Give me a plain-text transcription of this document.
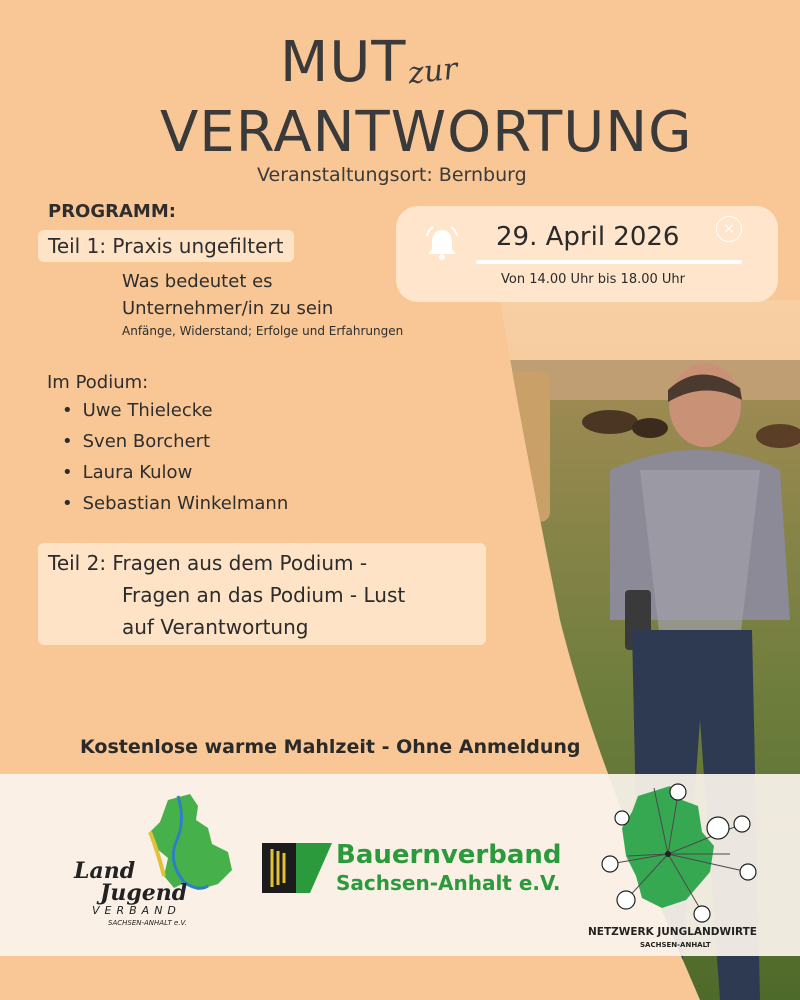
MUT zur
VERANTWORTUNG
Veranstaltungsort: Bernburg
PROGRAMM:
Teil 1: Praxis ungefiltert
Was bedeutet es
Unternehmer/in zu sein
Anfänge, Widerstand; Erfolge und Erfahrungen
Im Podium:
• Uwe Thielecke
• Sven Borchert
• Laura Kulow
• Sebastian Winkelmann
Teil 2: Fragen aus dem Podium -
Fragen an das Podium - Lust
auf Verantwortung
29. April 2026
Von 14.00 Uhr bis 18.00 Uhr
×
Kostenlose warme Mahlzeit - Ohne Anmeldung
Land
Jugend
VERBAND
SACHSEN-ANHALT e.V.
Bauernverband
Sachsen-Anhalt e.V.
NETZWERK JUNGLANDWIRTE
SACHSEN-ANHALT
